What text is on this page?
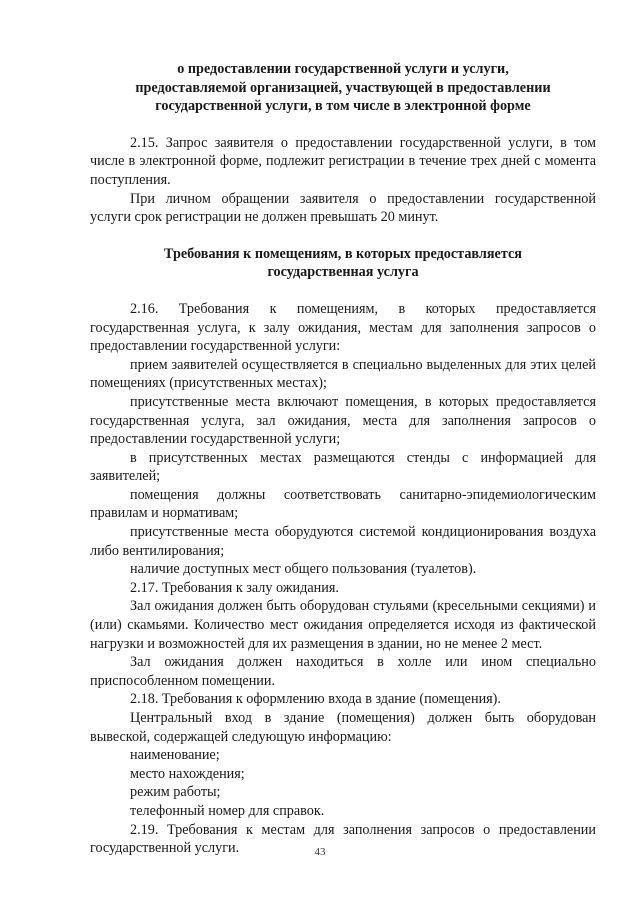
о предоставлении государственной услуги и услуги,
предоставляемой организацией, участвующей в предоставлении
государственной услуги, в том числе в электронной форме

2.15. Запрос заявителя о предоставлении государственной услуги, в том числе в электронной форме, подлежит регистрации в течение трех дней с момента поступления.

При личном обращении заявителя о предоставлении государственной услуги срок регистрации не должен превышать 20 минут.

Требования к помещениям, в которых предоставляется
государственная услуга

2.16. Требования к помещениям, в которых предоставляется государственная услуга, к залу ожидания, местам для заполнения запросов о предоставлении государственной услуги:

прием заявителей осуществляется в специально выделенных для этих целей помещениях (присутственных местах);

присутственные места включают помещения, в которых предоставляется государственная услуга, зал ожидания, места для заполнения запросов о предоставлении государственной услуги;

в присутственных местах размещаются стенды с информацией для заявителей;

помещения должны соответствовать санитарно-эпидемиологическим правилам и нормативам;

присутственные места оборудуются системой кондиционирования воздуха либо вентилирования;

наличие доступных мест общего пользования (туалетов).

2.17. Требования к залу ожидания.

Зал ожидания должен быть оборудован стульями (кресельными секциями) и (или) скамьями. Количество мест ожидания определяется исходя из фактической нагрузки и возможностей для их размещения в здании, но не менее 2 мест.

Зал ожидания должен находиться в холле или ином специально приспособленном помещении.

2.18. Требования к оформлению входа в здание (помещения).

Центральный вход в здание (помещения) должен быть оборудован вывеской, содержащей следующую информацию:

наименование;

место нахождения;

режим работы;

телефонный номер для справок.

2.19. Требования к местам для заполнения запросов о предоставлении государственной услуги.	43
